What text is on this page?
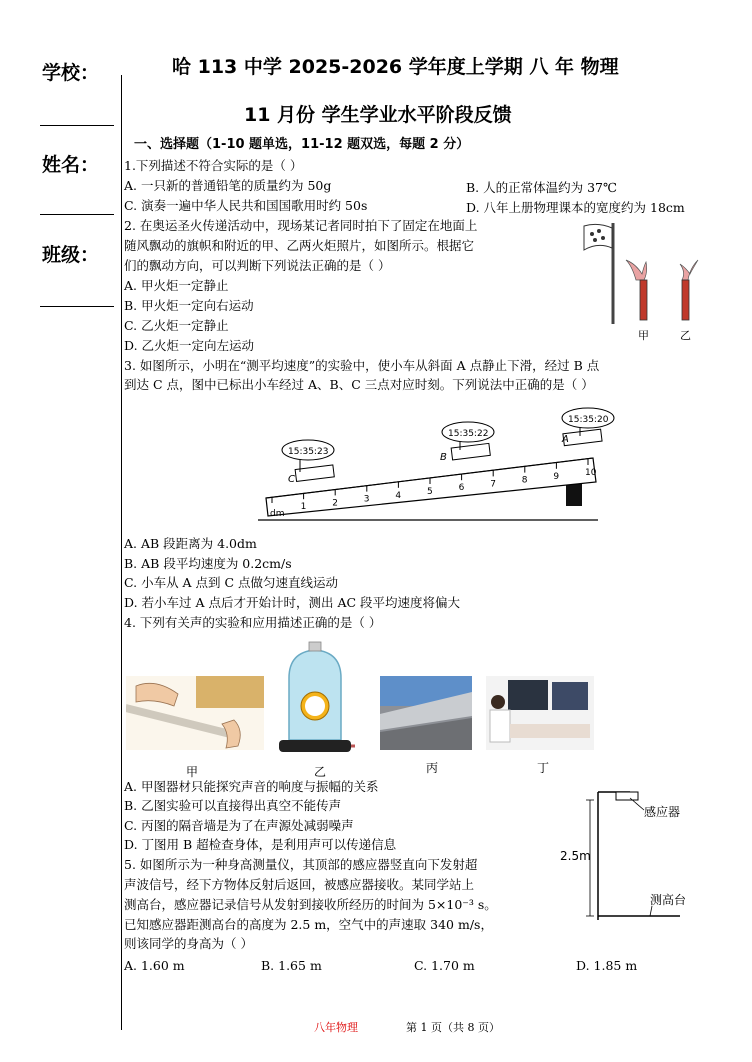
学校：
姓名：
班级：
哈 113 中学 2025-2026 学年度上学期 八 年 物理
11 月份 学生学业水平阶段反馈
一、选择题（1-10 题单选，11-12 题双选，每题 2 分）
1.下列描述不符合实际的是（ ）
A. 一只新的普通铅笔的质量约为 50g	B. 人的正常体温约为 37℃
C. 演奏一遍中华人民共和国国歌用时约 50s	D. 八年上册物理课本的宽度约为 18cm
2. 在奥运圣火传递活动中，现场某记者同时拍下了固定在地面上
随风飘动的旗帜和附近的甲、乙两火炬照片，如图所示。根据它
们的飘动方向，可以判断下列说法正确的是（ ）
A. 甲火炬一定静止
B. 甲火炬一定向右运动
C. 乙火炬一定静止
D. 乙火炬一定向左运动
甲	乙
3. 如图所示，小明在“测平均速度”的实验中，使小车从斜面 A 点静止下滑，经过 B 点
到达 C 点，图中已标出小车经过 A、B、C 三点对应时刻。下列说法中正确的是（ ）
1	2	3	4	5	6	7	8	9	10
dm
15:35:20
15:35:22
15:35:23
A
B
C
A. AB 段距离为 4.0dm
B. AB 段平均速度为 0.2cm/s
C. 小车从 A 点到 C 点做匀速直线运动
D. 若小车过 A 点后才开始计时，测出 AC 段平均速度将偏大
4. 下列有关声的实验和应用描述正确的是（ ）
甲	乙	丙	丁
A. 甲图器材只能探究声音的响度与振幅的关系
B. 乙图实验可以直接得出真空不能传声
C. 丙图的隔音墙是为了在声源处减弱噪声
D. 丁图用 B 超检查身体，是利用声可以传递信息
5. 如图所示为一种身高测量仪，其顶部的感应器竖直向下发射超
声波信号，经下方物体反射后返回，被感应器接收。某同学站上
测高台，感应器记录信号从发射到接收所经历的时间为 5×10⁻³ s。
已知感应器距测高台的高度为 2.5 m，空气中的声速取 340 m/s，
则该同学的身高为（ ）
感应器
2.5m
测高台
A. 1.60 m	B. 1.65 m	C. 1.70 m	D. 1.85 m
八年物理	第 1 页（共 8 页）
